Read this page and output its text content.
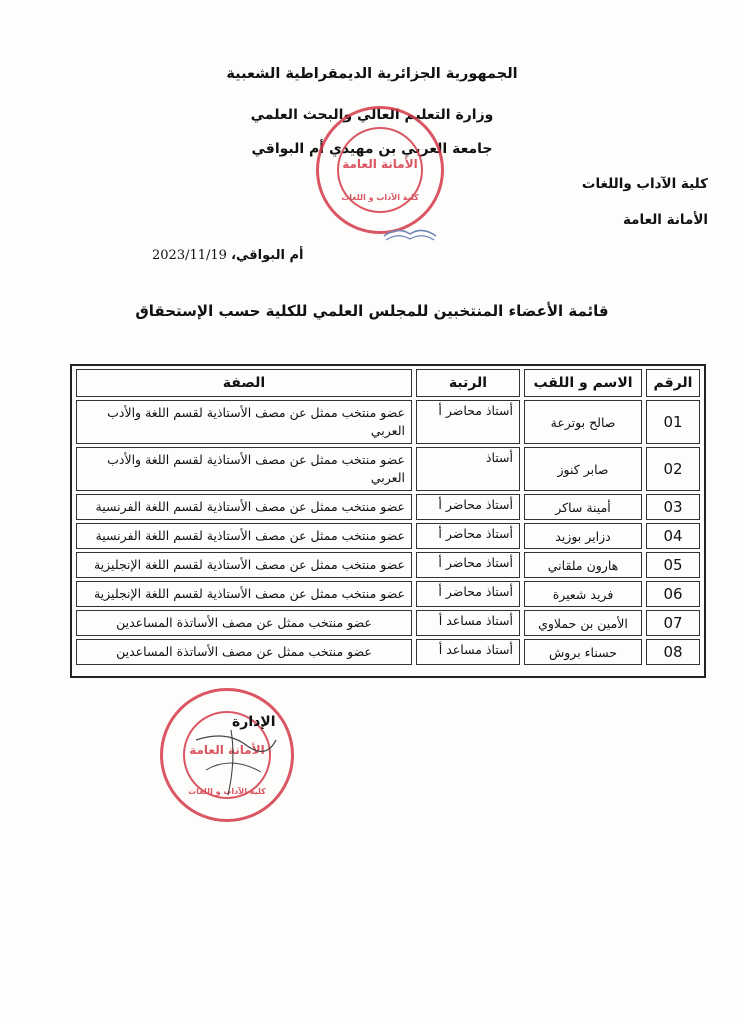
الجمهورية الجزائرية الديمقراطية الشعبية
وزارة التعليم العالي والبحث العلمي
جامعة العربي بن مهيدي أم البواقي
كلية الآداب واللغات
الأمانة العامة
الأمانة العامة
كلية الآداب و اللغات
أم البواقي، 2023/11/19
قائمة الأعضاء المنتخبين للمجلس العلمي للكلية حسب الإستحقاق
الرقم	الاسم و اللقب	الرتبة	الصفة
01	صالح بوترعة	أستاذ محاضر أ	عضو منتخب ممثل عن مصف الأستاذية لقسم اللغة والأدب العربي
02	صابر كنوز	أستاذ	عضو منتخب ممثل عن مصف الأستاذية لقسم اللغة والأدب العربي
03	أمينة ساكر	أستاذ محاضر أ	عضو منتخب ممثل عن مصف الأستاذية لقسم اللغة الفرنسية
04	دزاير بوزيد	أستاذ محاضر أ	عضو منتخب ممثل عن مصف الأستاذية لقسم اللغة الفرنسية
05	هارون ملقاني	أستاذ محاضر أ	عضو منتخب ممثل عن مصف الأستاذية لقسم اللغة الإنجليزية
06	فريد شعيرة	أستاذ محاضر أ	عضو منتخب ممثل عن مصف الأستاذية لقسم اللغة الإنجليزية
07	الأمين بن حملاوي	أستاذ مساعد أ	عضو منتخب ممثل عن مصف الأساتذة المساعدين
08	حسناء بروش	أستاذ مساعد أ	عضو منتخب ممثل عن مصف الأساتذة المساعدين
الأمانة العامة
كلية الآداب و اللغات
الإدارة
